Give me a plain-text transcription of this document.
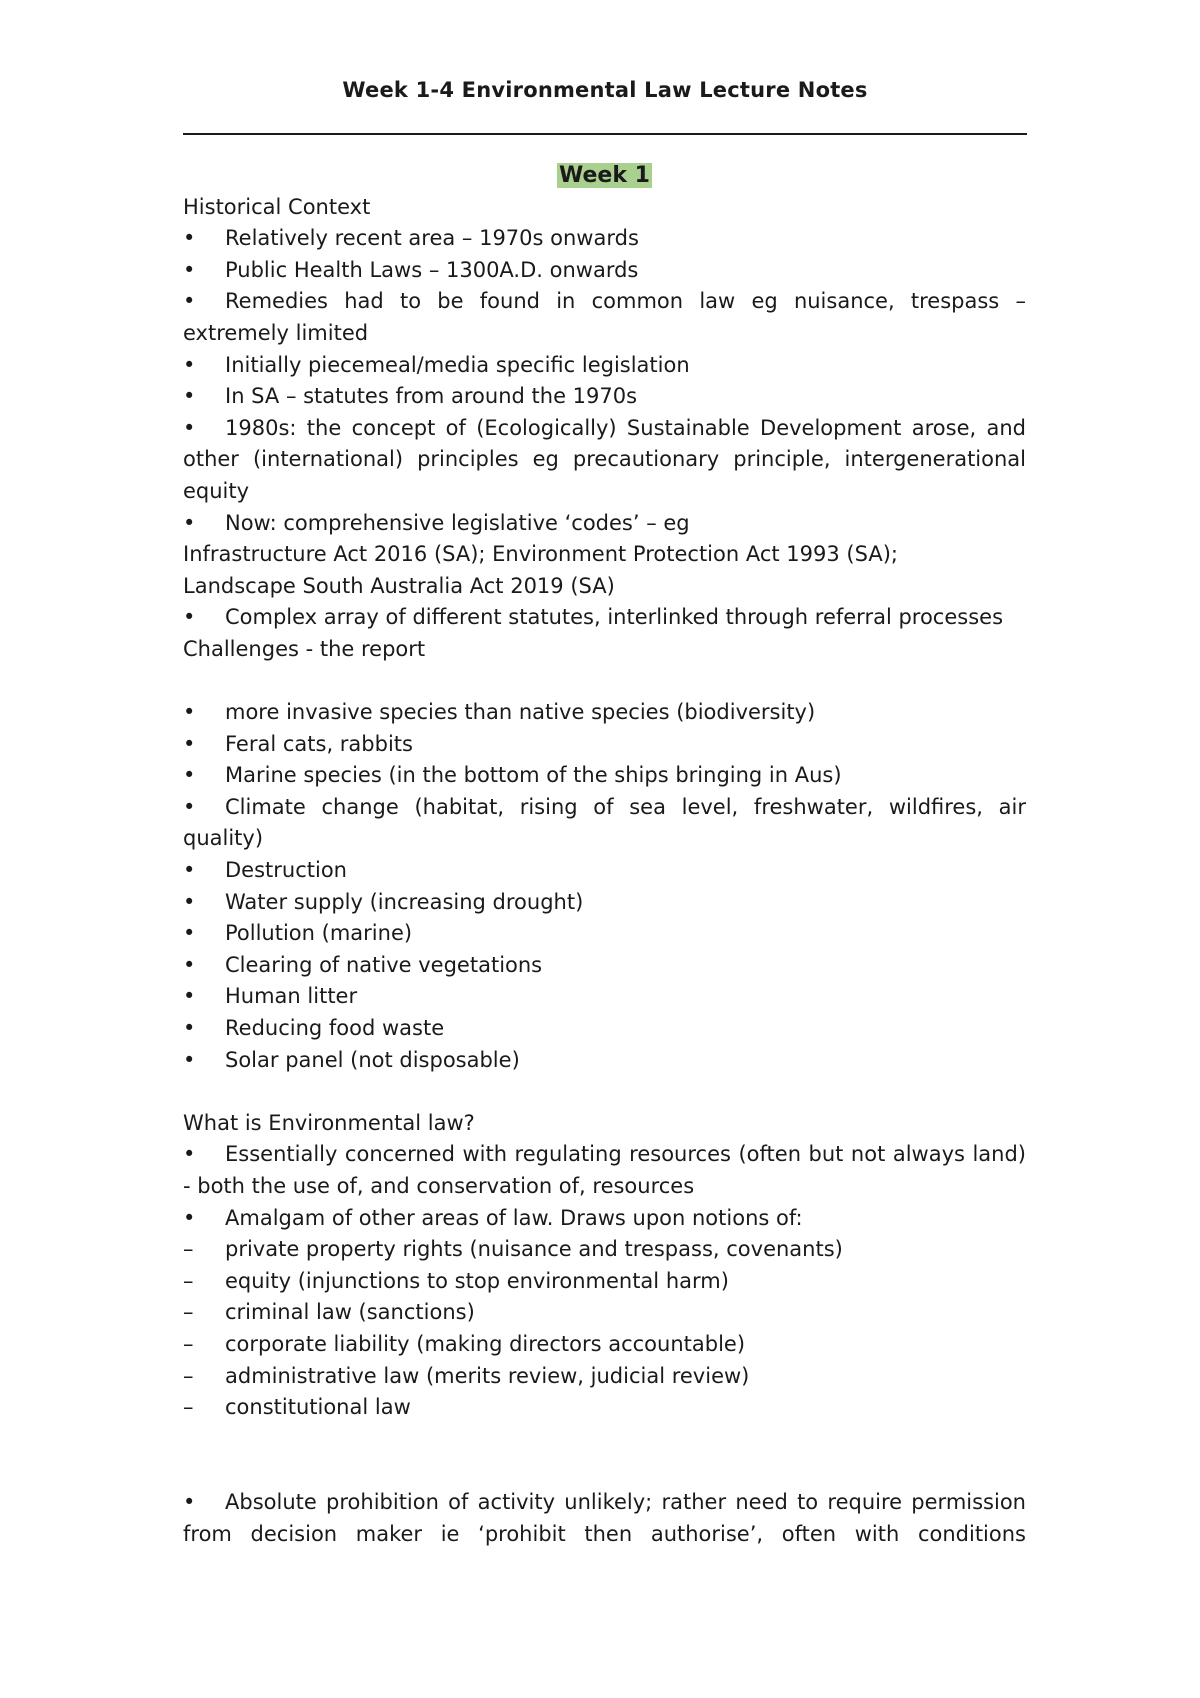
Week 1-4 Environmental Law Lecture Notes

Week 1

Historical Context

• Relatively recent area – 1970s onwards

• Public Health Laws – 1300A.D. onwards

• Remedies had to be found in common law eg nuisance, trespass – extremely limited

• Initially piecemeal/media specific legislation

• In SA – statutes from around the 1970s

• 1980s: the concept of (Ecologically) Sustainable Development arose, and other (international) principles eg precautionary principle, intergenerational equity

• Now: comprehensive legislative ‘codes’ – eg

Infrastructure Act 2016 (SA); Environment Protection Act 1993 (SA);

Landscape South Australia Act 2019 (SA)

• Complex array of different statutes, interlinked through referral processes

Challenges - the report

• more invasive species than native species (biodiversity)

• Feral cats, rabbits

• Marine species (in the bottom of the ships bringing in Aus)

• Climate change (habitat, rising of sea level, freshwater, wildfires, air quality)

• Destruction

• Water supply (increasing drought)

• Pollution (marine)

• Clearing of native vegetations

• Human litter

• Reducing food waste

• Solar panel (not disposable)

What is Environmental law?

• Essentially concerned with regulating resources (often but not always land) - both the use of, and conservation of, resources

• Amalgam of other areas of law. Draws upon notions of:

– private property rights (nuisance and trespass, covenants)

– equity (injunctions to stop environmental harm)

– criminal law (sanctions)

– corporate liability (making directors accountable)

– administrative law (merits review, judicial review)

– constitutional law

• Absolute prohibition of activity unlikely; rather need to require permission from decision maker ie ‘prohibit then authorise’, often with conditions
